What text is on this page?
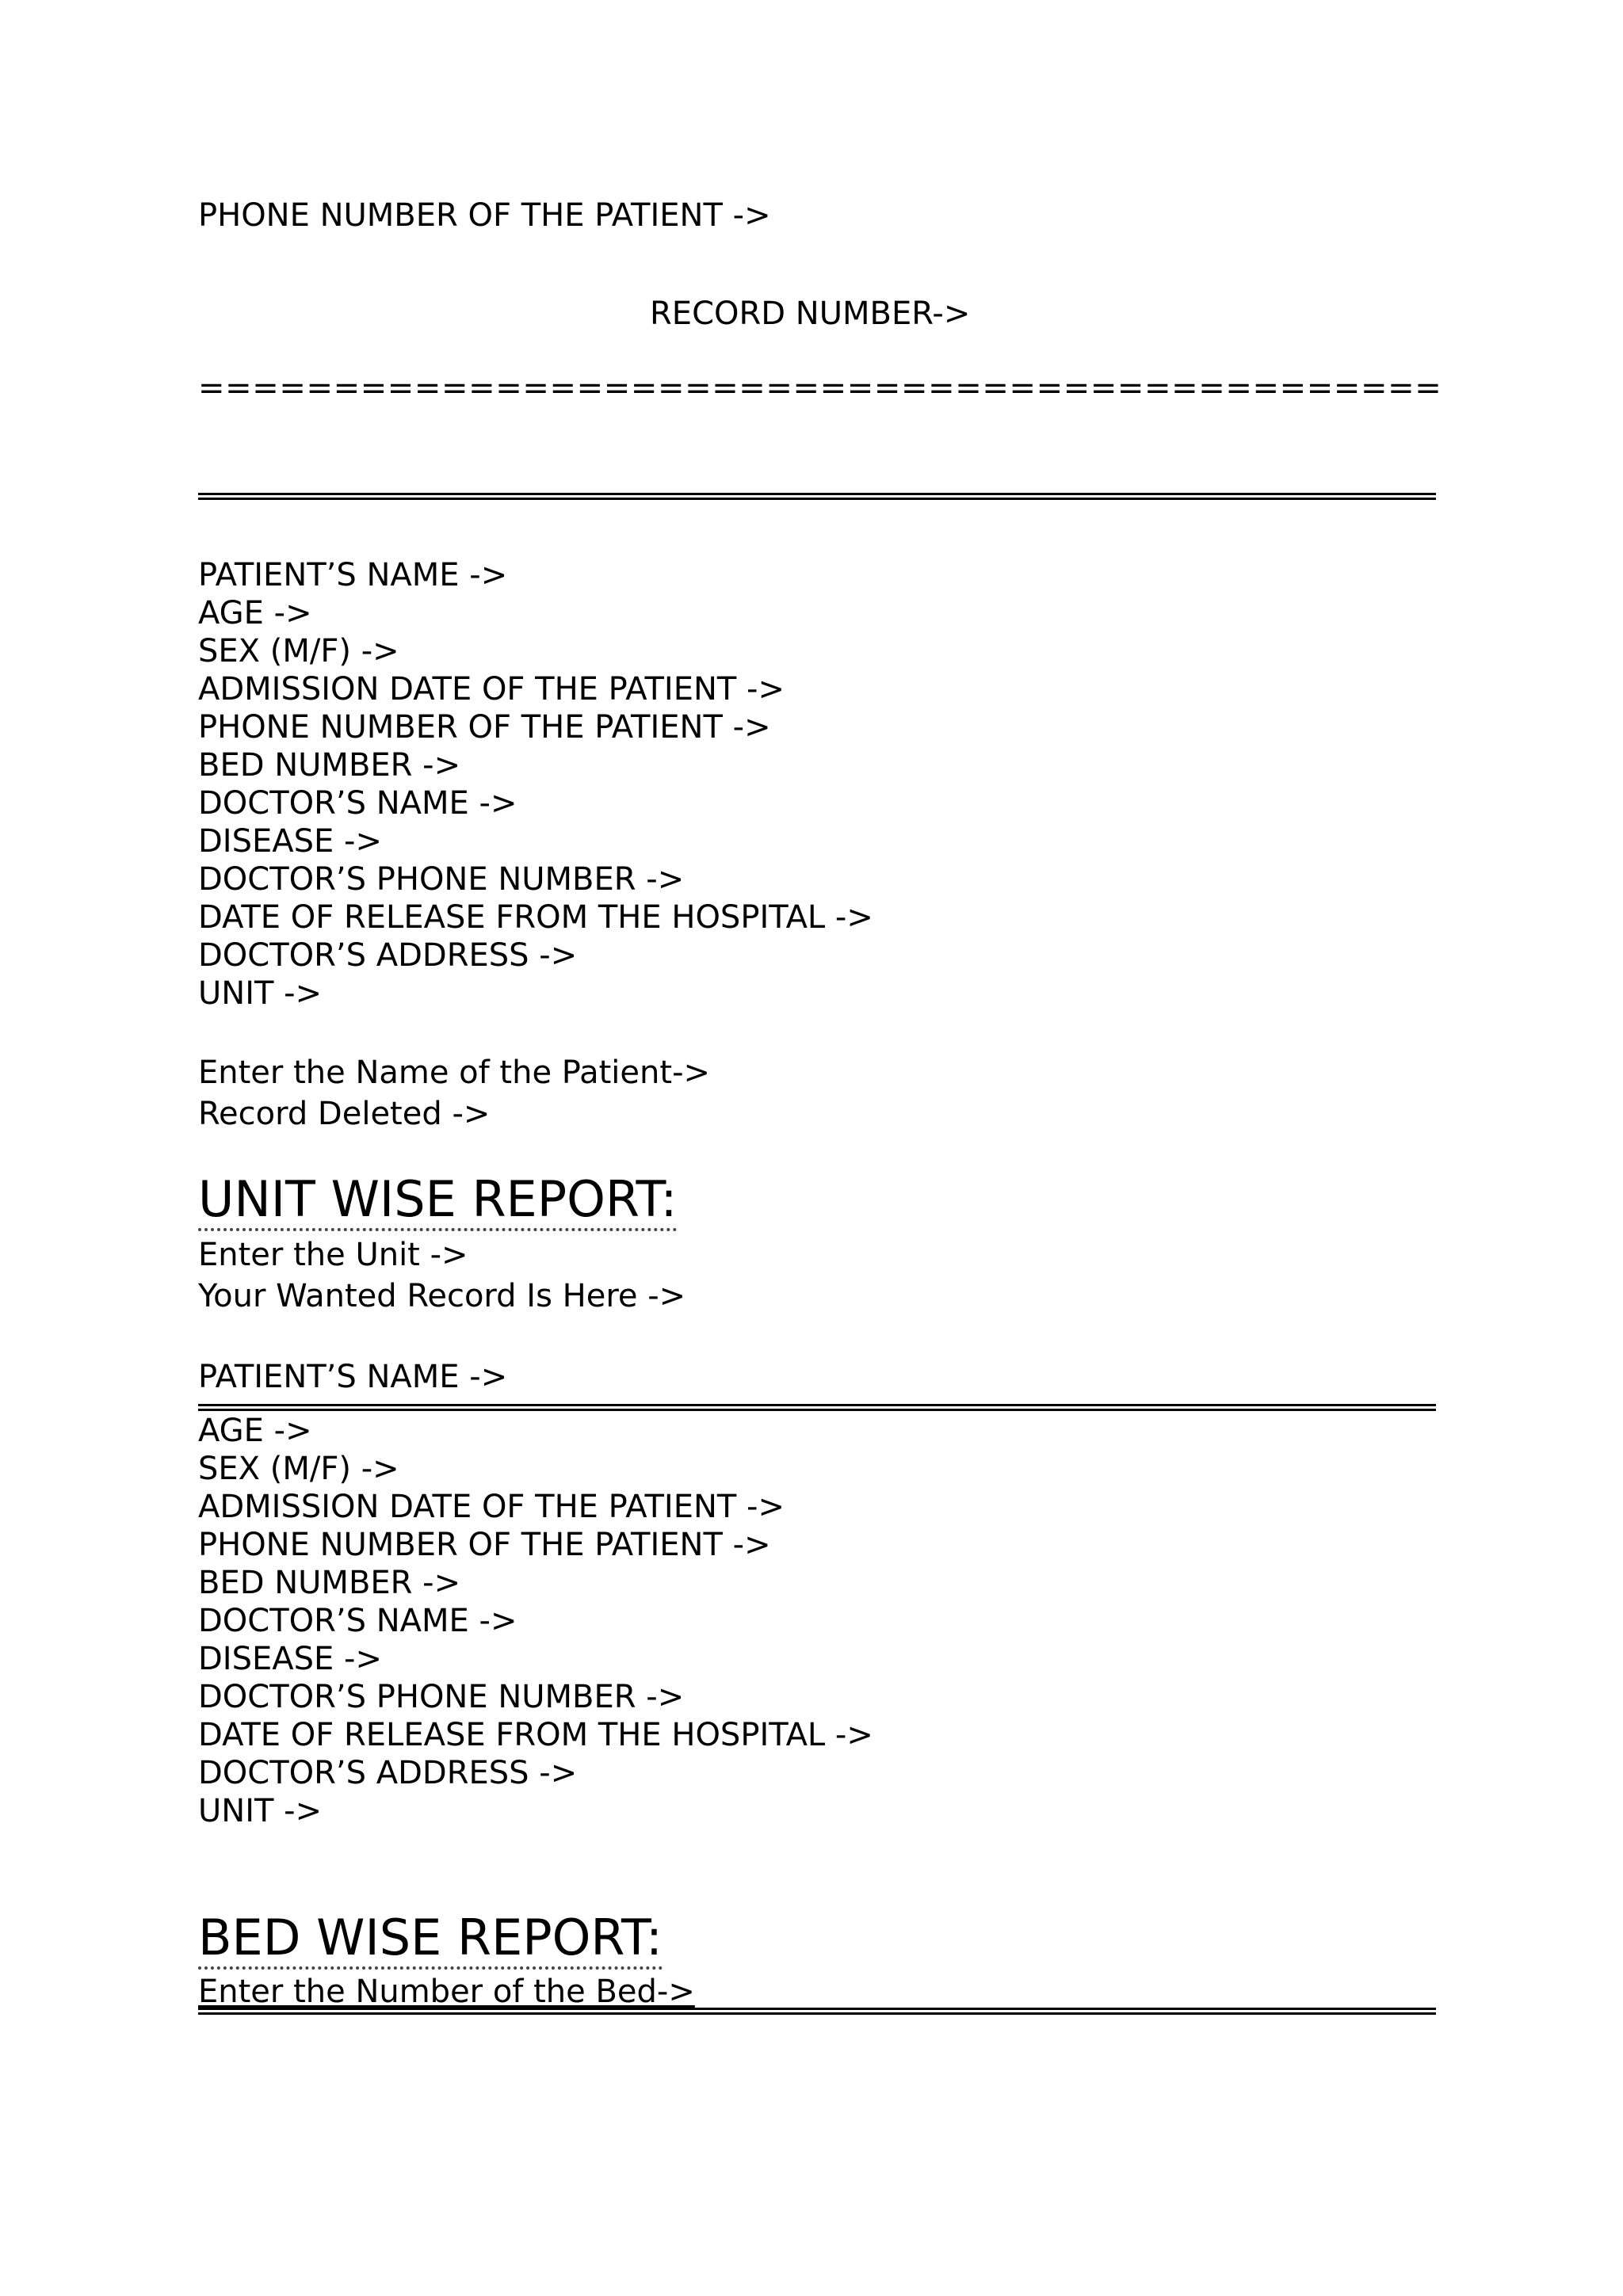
PHONE NUMBER OF THE PATIENT ->
RECORD NUMBER->
==============================================
PATIENT’S NAME ->
AGE ->
SEX (M/F) ->
ADMISSION DATE OF THE PATIENT ->
PHONE NUMBER OF THE PATIENT ->
BED NUMBER ->
DOCTOR’S NAME ->
DISEASE ->
DOCTOR’S PHONE NUMBER ->
DATE OF RELEASE FROM THE HOSPITAL ->
DOCTOR’S ADDRESS ->
UNIT ->
Enter the Name of the Patient->
Record Deleted ->
UNIT WISE REPORT:
Enter the Unit ->
Your Wanted Record Is Here ->
PATIENT’S NAME ->
AGE ->
SEX (M/F) ->
ADMISSION DATE OF THE PATIENT ->
PHONE NUMBER OF THE PATIENT ->
BED NUMBER ->
DOCTOR’S NAME ->
DISEASE ->
DOCTOR’S PHONE NUMBER ->
DATE OF RELEASE FROM THE HOSPITAL ->
DOCTOR’S ADDRESS ->
UNIT ->
BED WISE REPORT:
Enter the Number of the Bed->
